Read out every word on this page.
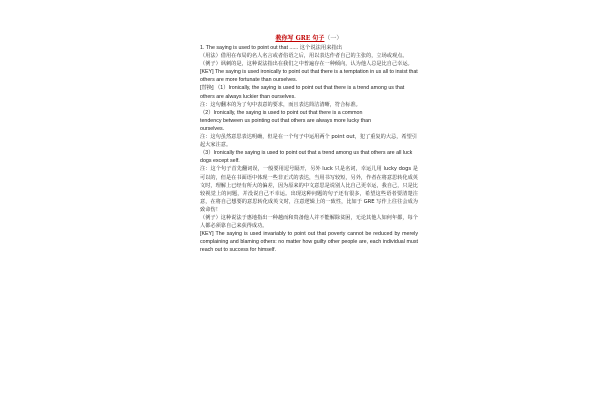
教你写 GRE 句子（一）

1. The saying is used to point out that ...... 这个说法用来指出

（用法）借用在布局的名人名言或者俗语之后，用以表达作者自己的主张的，立场或观点。

（例子）讽刺的是，这种说法指出在我们之中普遍存在一种倾向，认为他人总是比自己幸运。

[KEY] The saying is used ironically to point out that there is a temptation in us all to insist that others are more fortunate than ourselves.

[替换] （1）Ironically, the saying is used to point out that there is a trend among us that others are always luckier than ourselves.

注：这句翻本的为了句中表意的要求，而且表达简洁清晰，符合标准。

（2）Ironically, the saying is used to point out that there is a common

tendency between us pointing out that others are always more lucky than

ourselves.

注：这句虽然意思表达明确，但是在一个句子中运用两个 point out，犯了重复的大忌，希望引起大家注意。

（3）Ironically the saying is used to point out that a trend among us that others are all luck dogs except self.

注：这个句子首先翻词误，一般要用逗号隔开，另外 luck 只是名词，幸运儿用 lucky dogs 是可以的，但是在书面语中体现一些非正式的表达，当用书写较短，另外，作者在将意思转化成英文时，理解上已经有所大的偏差，因为原来的中文意思是说别人比自己更幸运，我自己，只是比较视觉上的问题，并没说自己不幸运。出现这种问题的句子还有很多，希望这些语者要清楚注意，在将自己想要的意思转化成英文时，注意逻辑上的一致性，比如于 GRE 写作上往往会成为致命伤！

（例子）这种说法于惠地指出一种越而和贵备他人并不能解除贫困，无论其他人如何年都，每个人都必须靠自己来获得成功。

[KEY] The saying is used invariably to point out that poverty cannot be reduced by merely complaining and blaming others: no matter how guilty other people are, each individual must reach out to success for himself.
